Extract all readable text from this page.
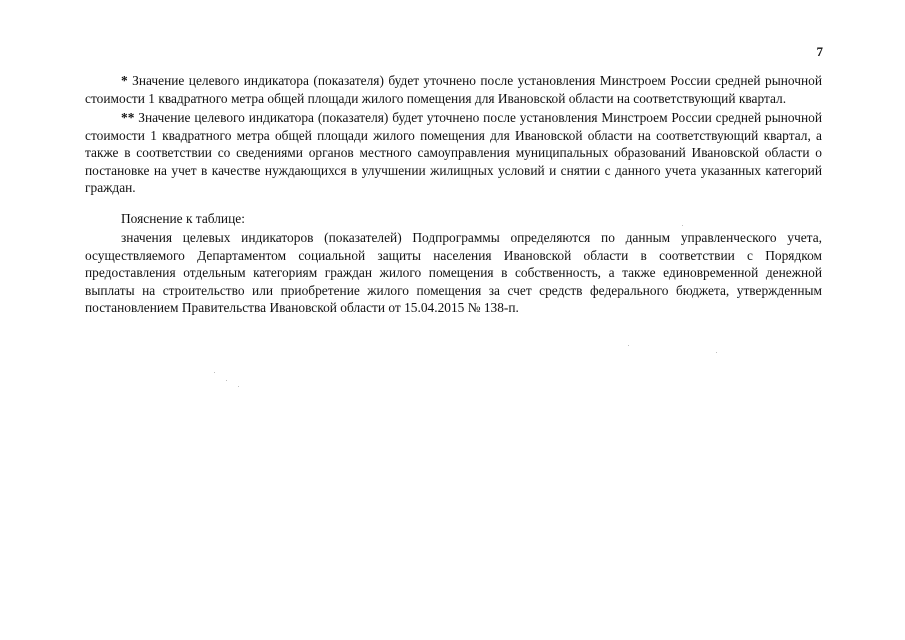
7

* Значение целевого индикатора (показателя) будет уточнено после установления Минстроем России средней рыночной стоимости 1 квадратного метра общей площади жилого помещения для Ивановской области на соответствующий квартал.

** Значение целевого индикатора (показателя) будет уточнено после установления Минстроем России средней рыночной стоимости 1 квадратного метра общей площади жилого помещения для Ивановской области на соответствующий квартал, а также в соответствии со сведениями органов местного самоуправления муниципальных образований Ивановской области о постановке на учет в качестве нуждающихся в улучшении жилищных условий и снятии с данного учета указанных категорий граждан.

Пояснение к таблице:

значения целевых индикаторов (показателей) Подпрограммы определяются по данным управленческого учета, осуществляемого Департаментом социальной защиты населения Ивановской области в соответствии с Порядком предоставления отдельным категориям граждан жилого помещения в собственность, а также единовременной денежной выплаты на строительство или приобретение жилого помещения за счет средств федерального бюджета, утвержденным постановлением Правительства Ивановской области от 15.04.2015 № 138-п.
